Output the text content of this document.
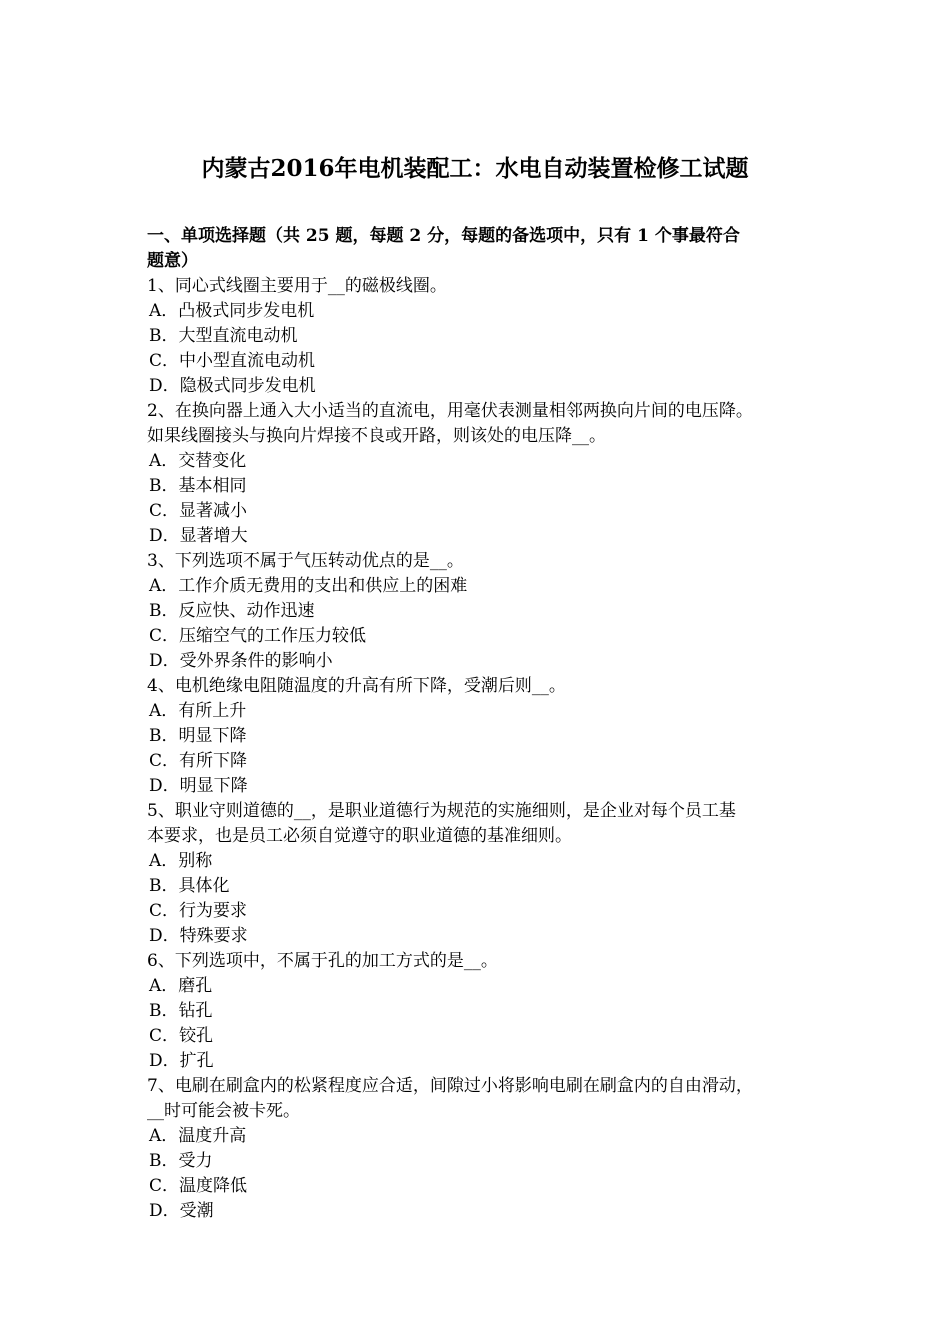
内蒙古2016年电机装配工：水电自动装置检修工试题
一、单项选择题（共 25 题，每题 2 分，每题的备选项中，只有 1 个事最符合
题意）
1、同心式线圈主要用于__的磁极线圈。
A．凸极式同步发电机
B．大型直流电动机
C．中小型直流电动机
D．隐极式同步发电机
2、在换向器上通入大小适当的直流电，用毫伏表测量相邻两换向片间的电压降。
如果线圈接头与换向片焊接不良或开路，则该处的电压降__。
A．交替变化
B．基本相同
C．显著减小
D．显著增大
3、下列选项不属于气压转动优点的是__。
A．工作介质无费用的支出和供应上的困难
B．反应快、动作迅速
C．压缩空气的工作压力较低
D．受外界条件的影响小
4、电机绝缘电阻随温度的升高有所下降，受潮后则__。
A．有所上升
B．明显下降
C．有所下降
D．明显下降
5、职业守则道德的__，是职业道德行为规范的实施细则，是企业对每个员工基
本要求，也是员工必须自觉遵守的职业道德的基准细则。
A．别称
B．具体化
C．行为要求
D．特殊要求
6、下列选项中，不属于孔的加工方式的是__。
A．磨孔
B．钻孔
C．铰孔
D．扩孔
7、电刷在刷盒内的松紧程度应合适，间隙过小将影响电刷在刷盒内的自由滑动，
__时可能会被卡死。
A．温度升高
B．受力
C．温度降低
D．受潮
